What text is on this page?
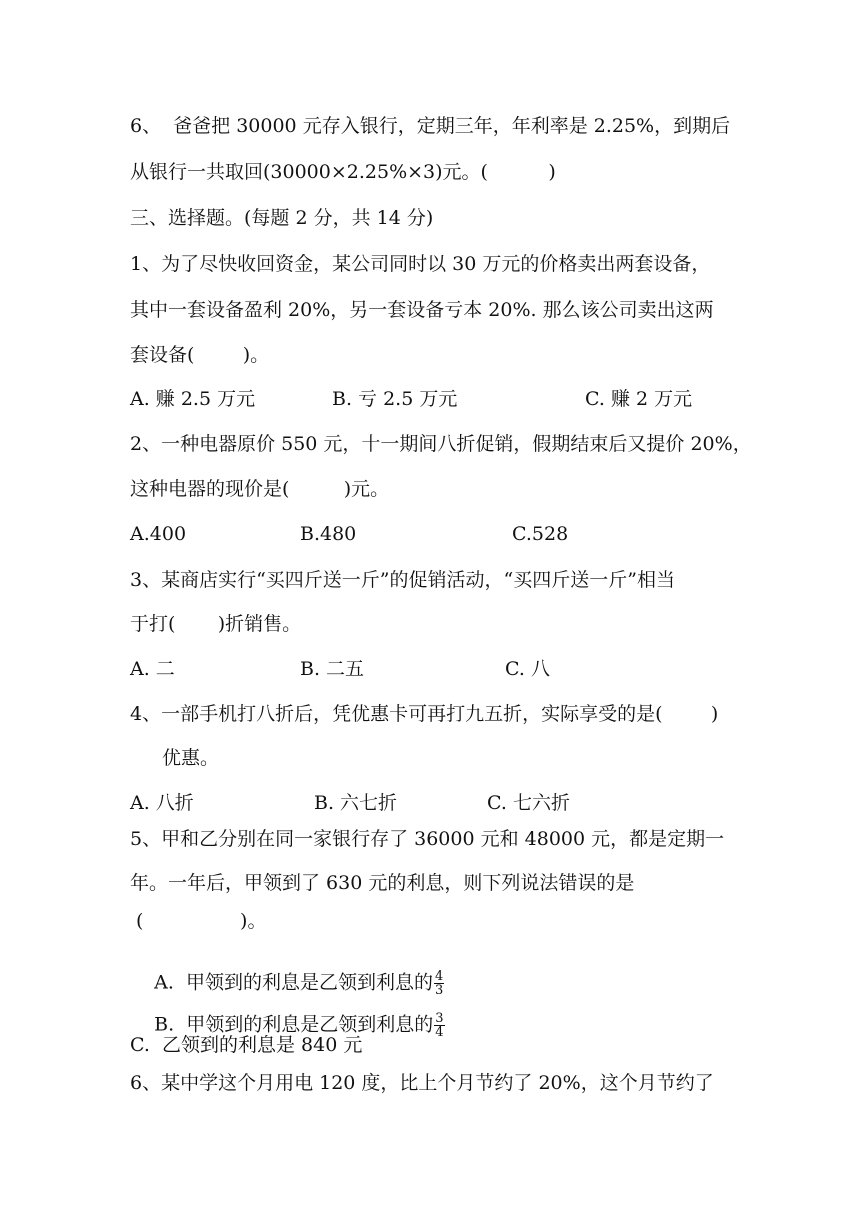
6、  爸爸把 30000 元存入银行，定期三年，年利率是 2.25%，到期后
从银行一共取回(30000×2.25%×3)元。(          )
三、选择题。(每题 2 分，共 14 分)
1、为了尽快收回资金，某公司同时以 30 万元的价格卖出两套设备，
其中一套设备盈利 20%，另一套设备亏本 20%. 那么该公司卖出这两
套设备(        )。
A. 赚 2.5 万元	B. 亏 2.5 万元	C. 赚 2 万元
2、一种电器原价 550 元，十一期间八折促销，假期结束后又提价 20%，
这种电器的现价是(         )元。
A.400	B.480	C.528
3、某商店实行“买四斤送一斤”的促销活动，“买四斤送一斤”相当
于打(       )折销售。
A. 二	B. 二五	C. 八
4、一部手机打八折后，凭优惠卡可再打九五折，实际享受的是(        )
优惠。
A. 八折	B. 六七折	C. 七六折
5、甲和乙分别在同一家银行存了 36000 元和 48000 元，都是定期一
年。一年后，甲领到了 630 元的利息，则下列说法错误的是
(                )。

A.  甲领到的利息是乙领到利息的 $\frac{4}{3}$

B.  甲领到的利息是乙领到利息的 $\frac{3}{4}$

C.  乙领到的利息是 840 元
6、某中学这个月用电 120 度，比上个月节约了 20%，这个月节约了
